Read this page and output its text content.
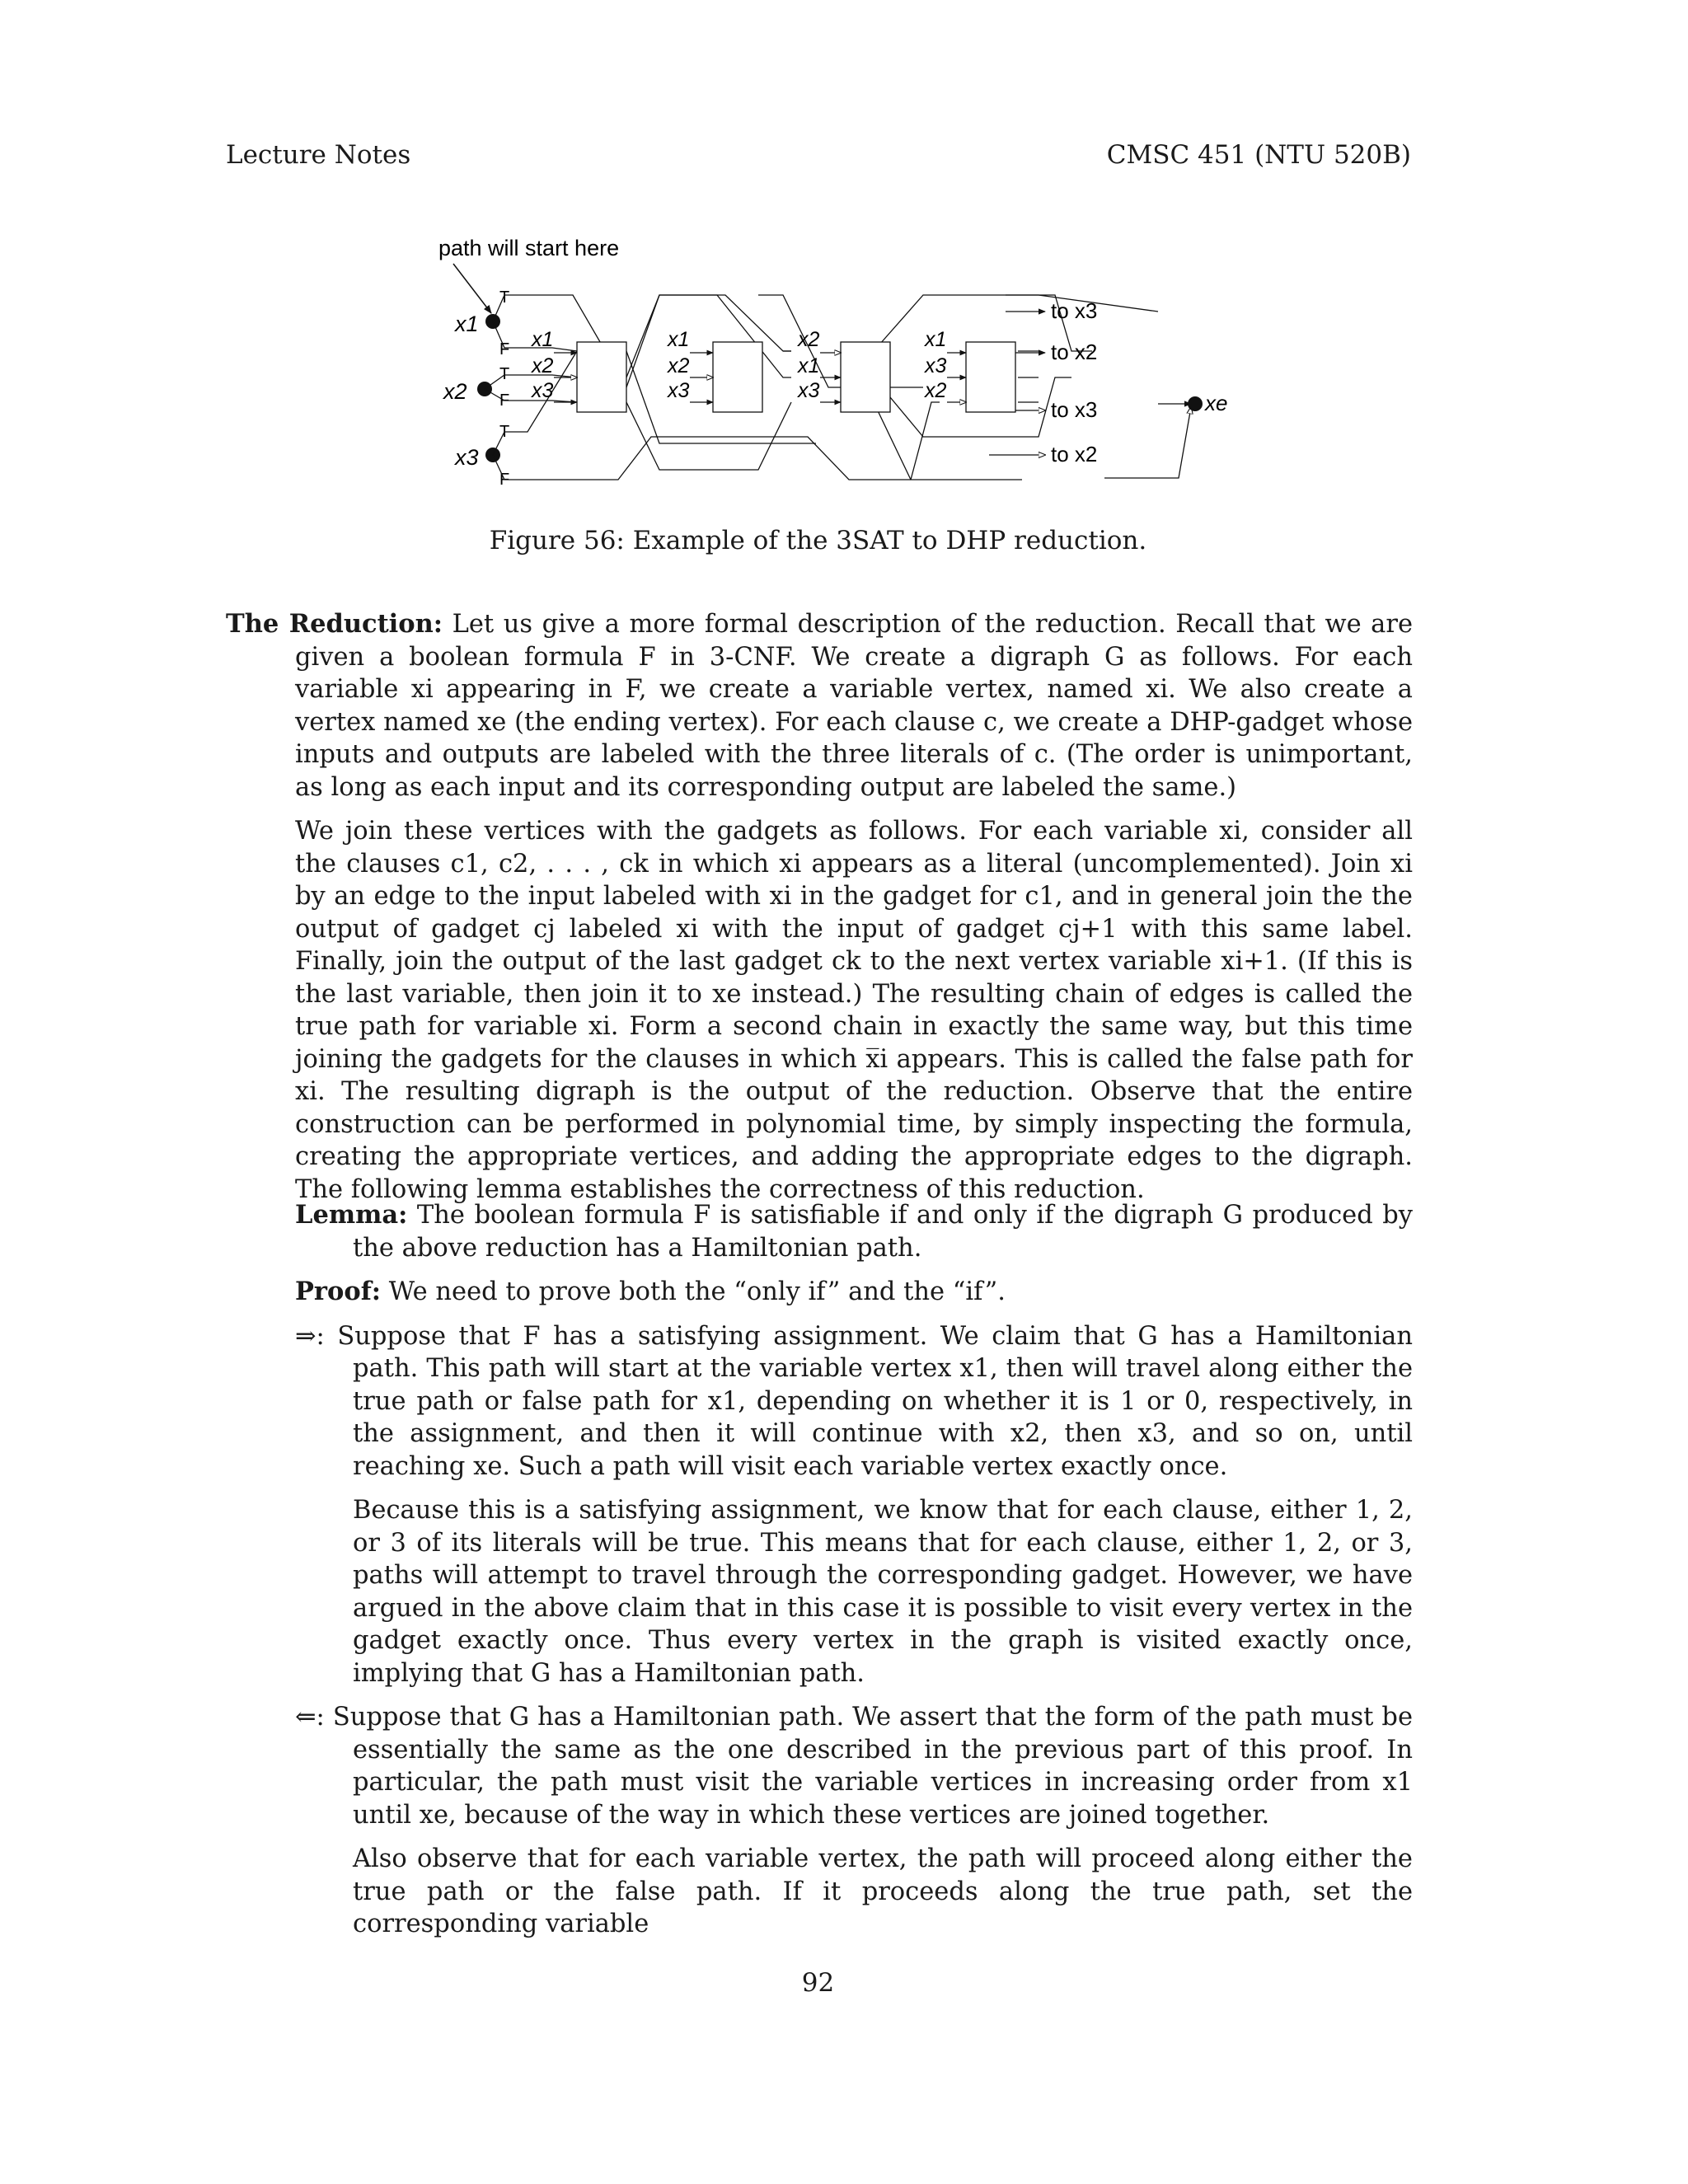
Lecture Notes	CMSC 451 (NTU 520B)
path will start here
x1
x2
x3
T
F
T
F
T
F
x1
x2
x3
x1
x2
x3
x2
x1
x3
x1
x3
x2
to x3
to x2
to x3
to x2
xe
Figure 56: Example of the 3SAT to DHP reduction.

The Reduction: Let us give a more formal description of the reduction. Recall that we are given a boolean formula F in 3-CNF. We create a digraph G as follows. For each variable xi appearing in F, we create a variable vertex, named xi. We also create a vertex named xe (the ending vertex). For each clause c, we create a DHP-gadget whose inputs and outputs are labeled with the three literals of c. (The order is unimportant, as long as each input and its corresponding output are labeled the same.)

We join these vertices with the gadgets as follows. For each variable xi, consider all the clauses c1, c2, . . . , ck in which xi appears as a literal (uncomplemented). Join xi by an edge to the input labeled with xi in the gadget for c1, and in general join the the output of gadget cj labeled xi with the input of gadget cj+1 with this same label. Finally, join the output of the last gadget ck to the next vertex variable xi+1. (If this is the last variable, then join it to xe instead.) The resulting chain of edges is called the true path for variable xi. Form a second chain in exactly the same way, but this time joining the gadgets for the clauses in which x̅i appears. This is called the false path for xi. The resulting digraph is the output of the reduction. Observe that the entire construction can be performed in polynomial time, by simply inspecting the formula, creating the appropriate vertices, and adding the appropriate edges to the digraph. The following lemma establishes the correctness of this reduction.

Lemma: The boolean formula F is satisfiable if and only if the digraph G produced by the above reduction has a Hamiltonian path.

Proof: We need to prove both the “only if” and the “if”.

⇒: Suppose that F has a satisfying assignment. We claim that G has a Hamiltonian path. This path will start at the variable vertex x1, then will travel along either the true path or false path for x1, depending on whether it is 1 or 0, respectively, in the assignment, and then it will continue with x2, then x3, and so on, until reaching xe. Such a path will visit each variable vertex exactly once.

Because this is a satisfying assignment, we know that for each clause, either 1, 2, or 3 of its literals will be true. This means that for each clause, either 1, 2, or 3, paths will attempt to travel through the corresponding gadget. However, we have argued in the above claim that in this case it is possible to visit every vertex in the gadget exactly once. Thus every vertex in the graph is visited exactly once, implying that G has a Hamiltonian path.

⇐: Suppose that G has a Hamiltonian path. We assert that the form of the path must be essentially the same as the one described in the previous part of this proof. In particular, the path must visit the variable vertices in increasing order from x1 until xe, because of the way in which these vertices are joined together.

Also observe that for each variable vertex, the path will proceed along either the true path or the false path. If it proceeds along the true path, set the corresponding variable

92
